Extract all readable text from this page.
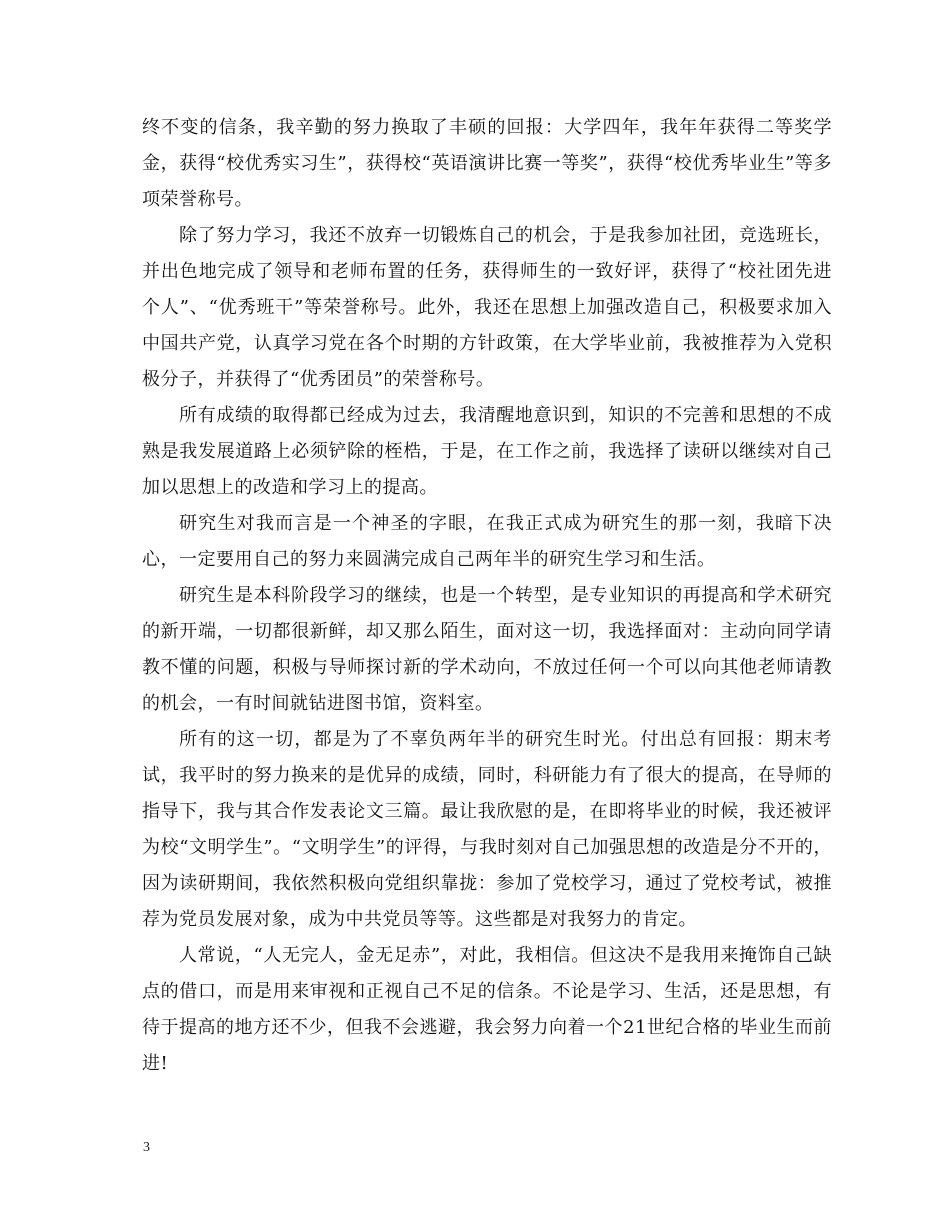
终不变的信条，我辛勤的努力换取了丰硕的回报：大学四年，我年年获得二等奖学金，获得“校优秀实习生”，获得校“英语演讲比赛一等奖”，获得“校优秀毕业生”等多项荣誉称号。

除了努力学习，我还不放弃一切锻炼自己的机会，于是我参加社团，竞选班长，并出色地完成了领导和老师布置的任务，获得师生的一致好评，获得了“校社团先进个人”、“优秀班干”等荣誉称号。此外，我还在思想上加强改造自己，积极要求加入中国共产党，认真学习党在各个时期的方针政策，在大学毕业前，我被推荐为入党积极分子，并获得了“优秀团员”的荣誉称号。

所有成绩的取得都已经成为过去，我清醒地意识到，知识的不完善和思想的不成熟是我发展道路上必须铲除的桎梏，于是，在工作之前，我选择了读研以继续对自己加以思想上的改造和学习上的提高。

研究生对我而言是一个神圣的字眼，在我正式成为研究生的那一刻，我暗下决心，一定要用自己的努力来圆满完成自己两年半的研究生学习和生活。

研究生是本科阶段学习的继续，也是一个转型，是专业知识的再提高和学术研究的新开端，一切都很新鲜，却又那么陌生，面对这一切，我选择面对：主动向同学请教不懂的问题，积极与导师探讨新的学术动向，不放过任何一个可以向其他老师请教的机会，一有时间就钻进图书馆，资料室。

所有的这一切，都是为了不辜负两年半的研究生时光。付出总有回报：期末考试，我平时的努力换来的是优异的成绩，同时，科研能力有了很大的提高，在导师的指导下，我与其合作发表论文三篇。最让我欣慰的是，在即将毕业的时候，我还被评为校“文明学生”。“文明学生”的评得，与我时刻对自己加强思想的改造是分不开的，因为读研期间，我依然积极向党组织靠拢：参加了党校学习，通过了党校考试，被推荐为党员发展对象，成为中共党员等等。这些都是对我努力的肯定。

人常说，“人无完人，金无足赤”，对此，我相信。但这决不是我用来掩饰自己缺点的借口，而是用来审视和正视自己不足的信条。不论是学习、生活，还是思想，有待于提高的地方还不少，但我不会逃避，我会努力向着一个21世纪合格的毕业生而前进!

3
